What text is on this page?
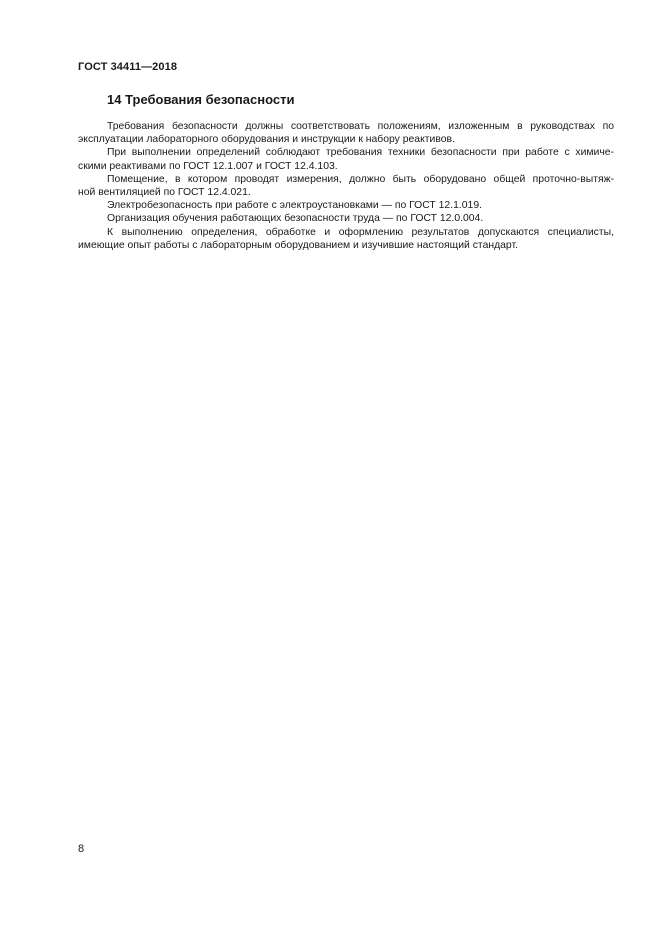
ГОСТ 34411—2018
14 Требования безопасности
Требования безопасности должны соответствовать положениям, изложенным в руководствах по
эксплуатации лабораторного оборудования и инструкции к набору реактивов.
При выполнении определений соблюдают требования техники безопасности при работе с химиче-
скими реактивами по ГОСТ 12.1.007 и ГОСТ 12.4.103.
Помещение, в котором проводят измерения, должно быть оборудовано общей проточно-вытяж-
ной вентиляцией по ГОСТ 12.4.021.
Электробезопасность при работе с электроустановками — по ГОСТ 12.1.019.
Организация обучения работающих безопасности труда — по ГОСТ 12.0.004.
К выполнению определения, обработке и оформлению результатов допускаются специалисты,
имеющие опыт работы с лабораторным оборудованием и изучившие настоящий стандарт.
8
